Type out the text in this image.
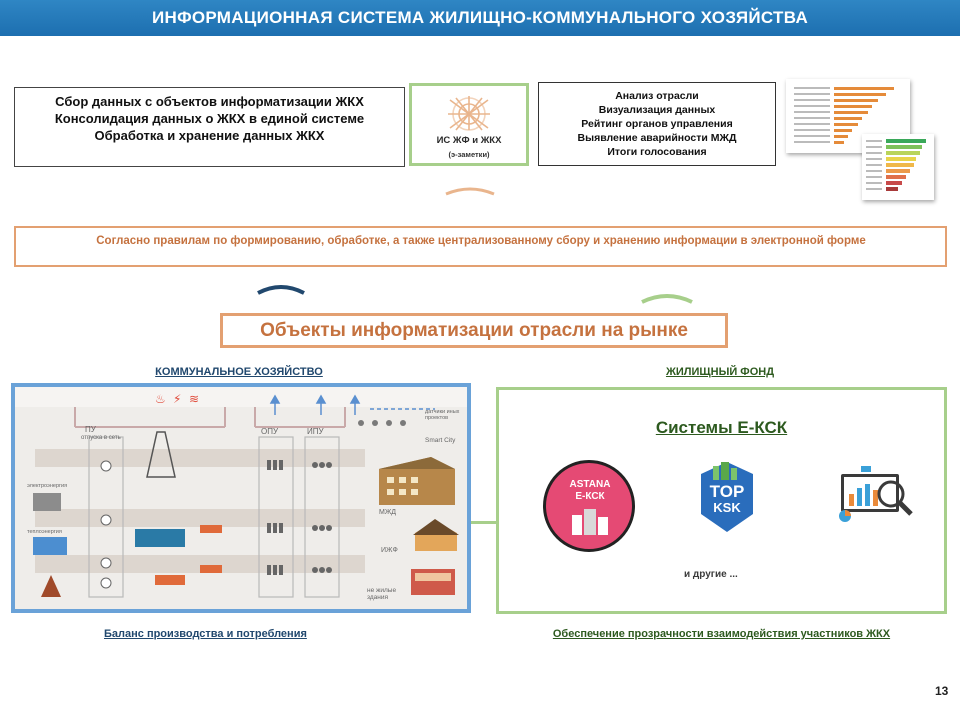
ИНФОРМАЦИОННАЯ СИСТЕМА ЖИЛИЩНО-КОММУНАЛЬНОГО ХОЗЯЙСТВА
Сбор данных с объектов информатизации ЖКХ
Консолидация данных о ЖКХ в единой системе
Обработка и хранение данных ЖКХ	ИС ЖФ и ЖКХ
(э-заметки)
Анализ отрасли
Визуализация данных
Рейтинг органов управления
Выявление аварийности МЖД
Итоги голосования
Согласно правилам по формированию, обработке, а также централизованному сбору и хранению информации в электронной форме
Объекты информатизации отрасли на рынке
КОММУНАЛЬНОЕ ХОЗЯЙСТВО	ЖИЛИЩНЫЙ ФОНД
♨ ⚡ ≋
ПУ
отпуска в сеть
ОПУ	ИПУ
датчики иных проектов
Smart City
МЖД
ИЖФ
не жилые здания
электроэнергия
теплоэнергия
Системы Е-КСК
ASTANA
E-КСК	TOP
KSK
и другие ...
Баланс производства и потребления	Обеспечение прозрачности взаимодействия участников ЖКХ
13
